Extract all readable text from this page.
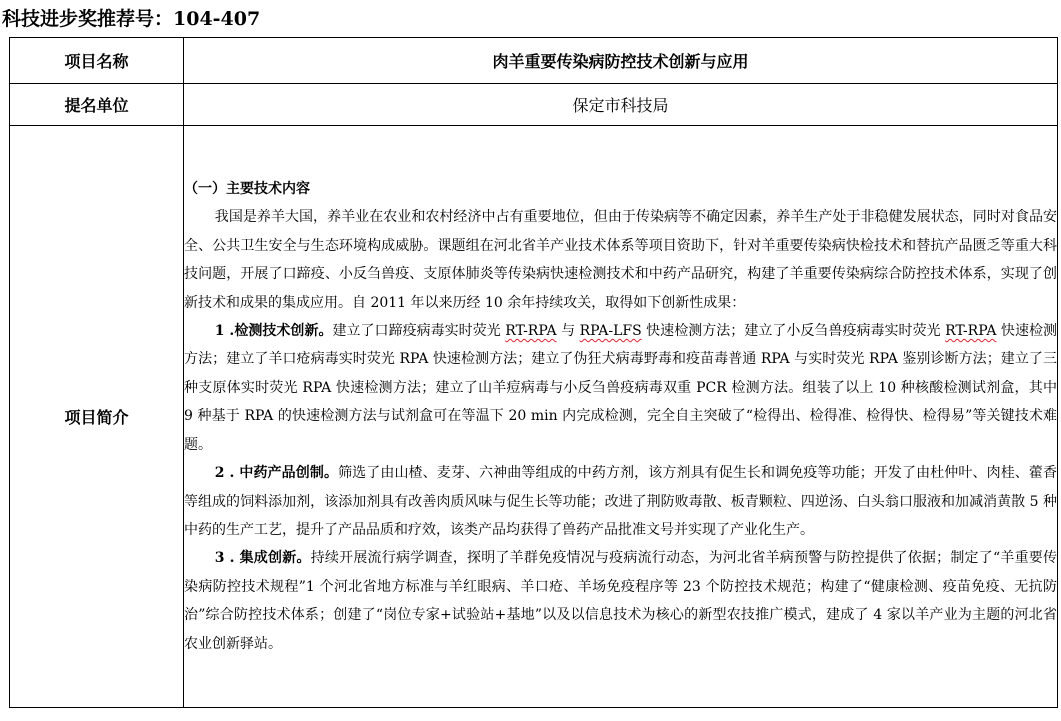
科技进步奖推荐号：104-407
项目名称	肉羊重要传染病防控技术创新与应用
提名单位	保定市科技局
项目简介	（一）主要技术内容

我国是养羊大国，养羊业在农业和农村经济中占有重要地位，但由于传染病等不确定因素，养羊生产处于非稳健发展状态，同时对食品安全、公共卫生安全与生态环境构成威胁。课题组在河北省羊产业技术体系等项目资助下，针对羊重要传染病快检技术和替抗产品匮乏等重大科技问题，开展了口蹄疫、小反刍兽疫、支原体肺炎等传染病快速检测技术和中药产品研究，构建了羊重要传染病综合防控技术体系，实现了创新技术和成果的集成应用。自 2011 年以来历经 10 余年持续攻关，取得如下创新性成果：

1 .检测技术创新。建立了口蹄疫病毒实时荧光 RT-RPA 与 RPA-LFS 快速检测方法；建立了小反刍兽疫病毒实时荧光 RT-RPA 快速检测方法；建立了羊口疮病毒实时荧光 RPA 快速检测方法；建立了伪狂犬病毒野毒和疫苗毒普通 RPA 与实时荧光 RPA 鉴别诊断方法；建立了三种支原体实时荧光 RPA 快速检测方法；建立了山羊痘病毒与小反刍兽疫病毒双重 PCR 检测方法。组装了以上 10 种核酸检测试剂盒，其中 9 种基于 RPA 的快速检测方法与试剂盒可在等温下 20 min 内完成检测，完全自主突破了“检得出、检得准、检得快、检得易”等关键技术难题。

2 . 中药产品创制。筛选了由山楂、麦芽、六神曲等组成的中药方剂，该方剂具有促生长和调免疫等功能；开发了由杜仲叶、肉桂、藿香等组成的饲料添加剂，该添加剂具有改善肉质风味与促生长等功能；改进了荆防败毒散、板青颗粒、四逆汤、白头翁口服液和加减消黄散 5 种中药的生产工艺，提升了产品品质和疗效，该类产品均获得了兽药产品批准文号并实现了产业化生产。

3 . 集成创新。持续开展流行病学调查，探明了羊群免疫情况与疫病流行动态，为河北省羊病预警与防控提供了依据；制定了“羊重要传染病防控技术规程”1 个河北省地方标准与羊红眼病、羊口疮、羊场免疫程序等 23 个防控技术规范；构建了“健康检测、疫苗免疫、无抗防治”综合防控技术体系；创建了“岗位专家+试验站+基地”以及以信息技术为核心的新型农技推广模式，建成了 4 家以羊产业为主题的河北省农业创新驿站。
